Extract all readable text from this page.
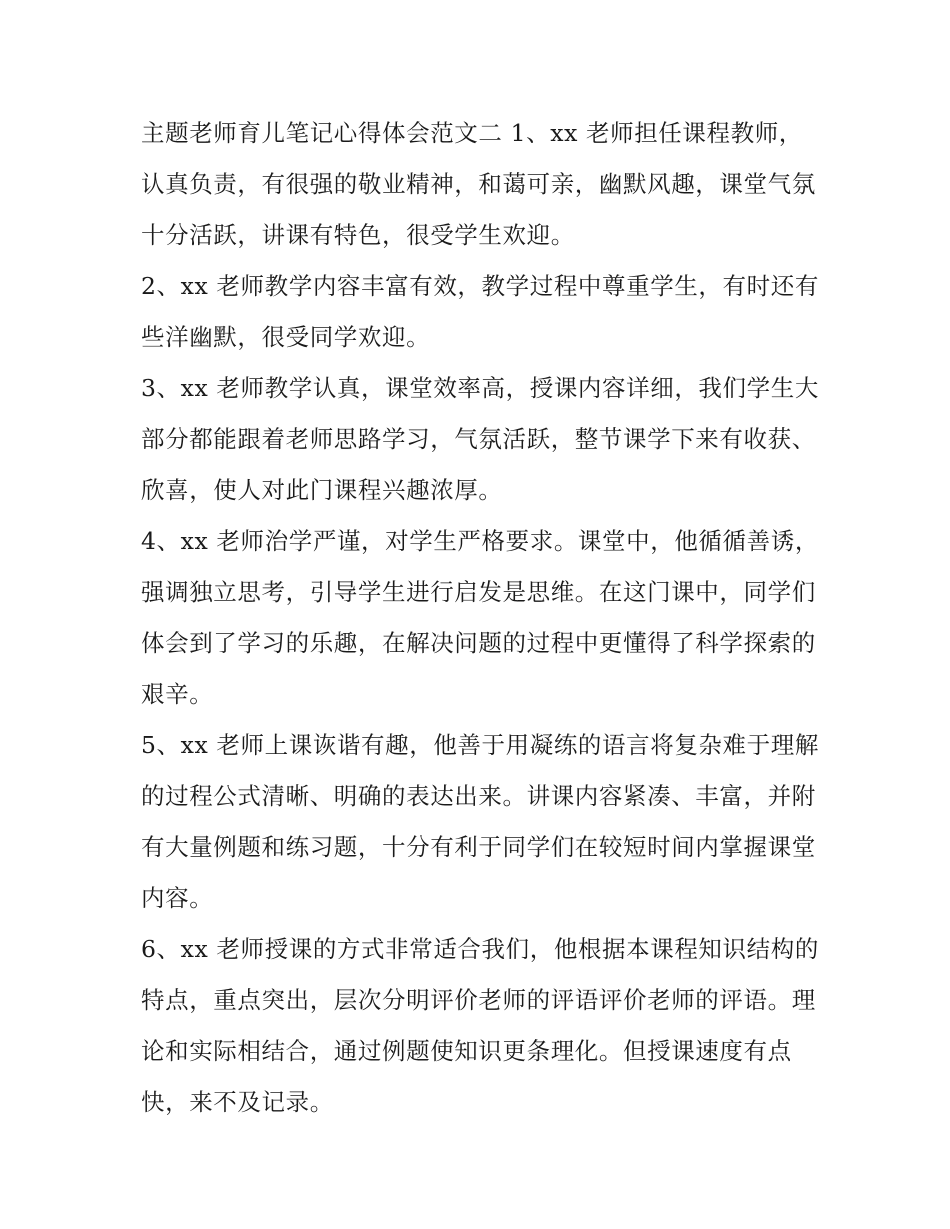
主题老师育儿笔记心得体会范文二 1、xx 老师担任课程教师，认真负责，有很强的敬业精神，和蔼可亲，幽默风趣，课堂气氛十分活跃，讲课有特色，很受学生欢迎。

2、xx 老师教学内容丰富有效，教学过程中尊重学生，有时还有些洋幽默，很受同学欢迎。

3、xx 老师教学认真，课堂效率高，授课内容详细，我们学生大部分都能跟着老师思路学习，气氛活跃，整节课学下来有收获、欣喜，使人对此门课程兴趣浓厚。

4、xx 老师治学严谨，对学生严格要求。课堂中，他循循善诱，强调独立思考，引导学生进行启发是思维。在这门课中，同学们体会到了学习的乐趣，在解决问题的过程中更懂得了科学探索的艰辛。

5、xx 老师上课诙谐有趣，他善于用凝练的语言将复杂难于理解的过程公式清晰、明确的表达出来。讲课内容紧凑、丰富，并附有大量例题和练习题，十分有利于同学们在较短时间内掌握课堂内容。

6、xx 老师授课的方式非常适合我们，他根据本课程知识结构的特点，重点突出，层次分明评价老师的评语评价老师的评语。理论和实际相结合，通过例题使知识更条理化。但授课速度有点快，来不及记录。
